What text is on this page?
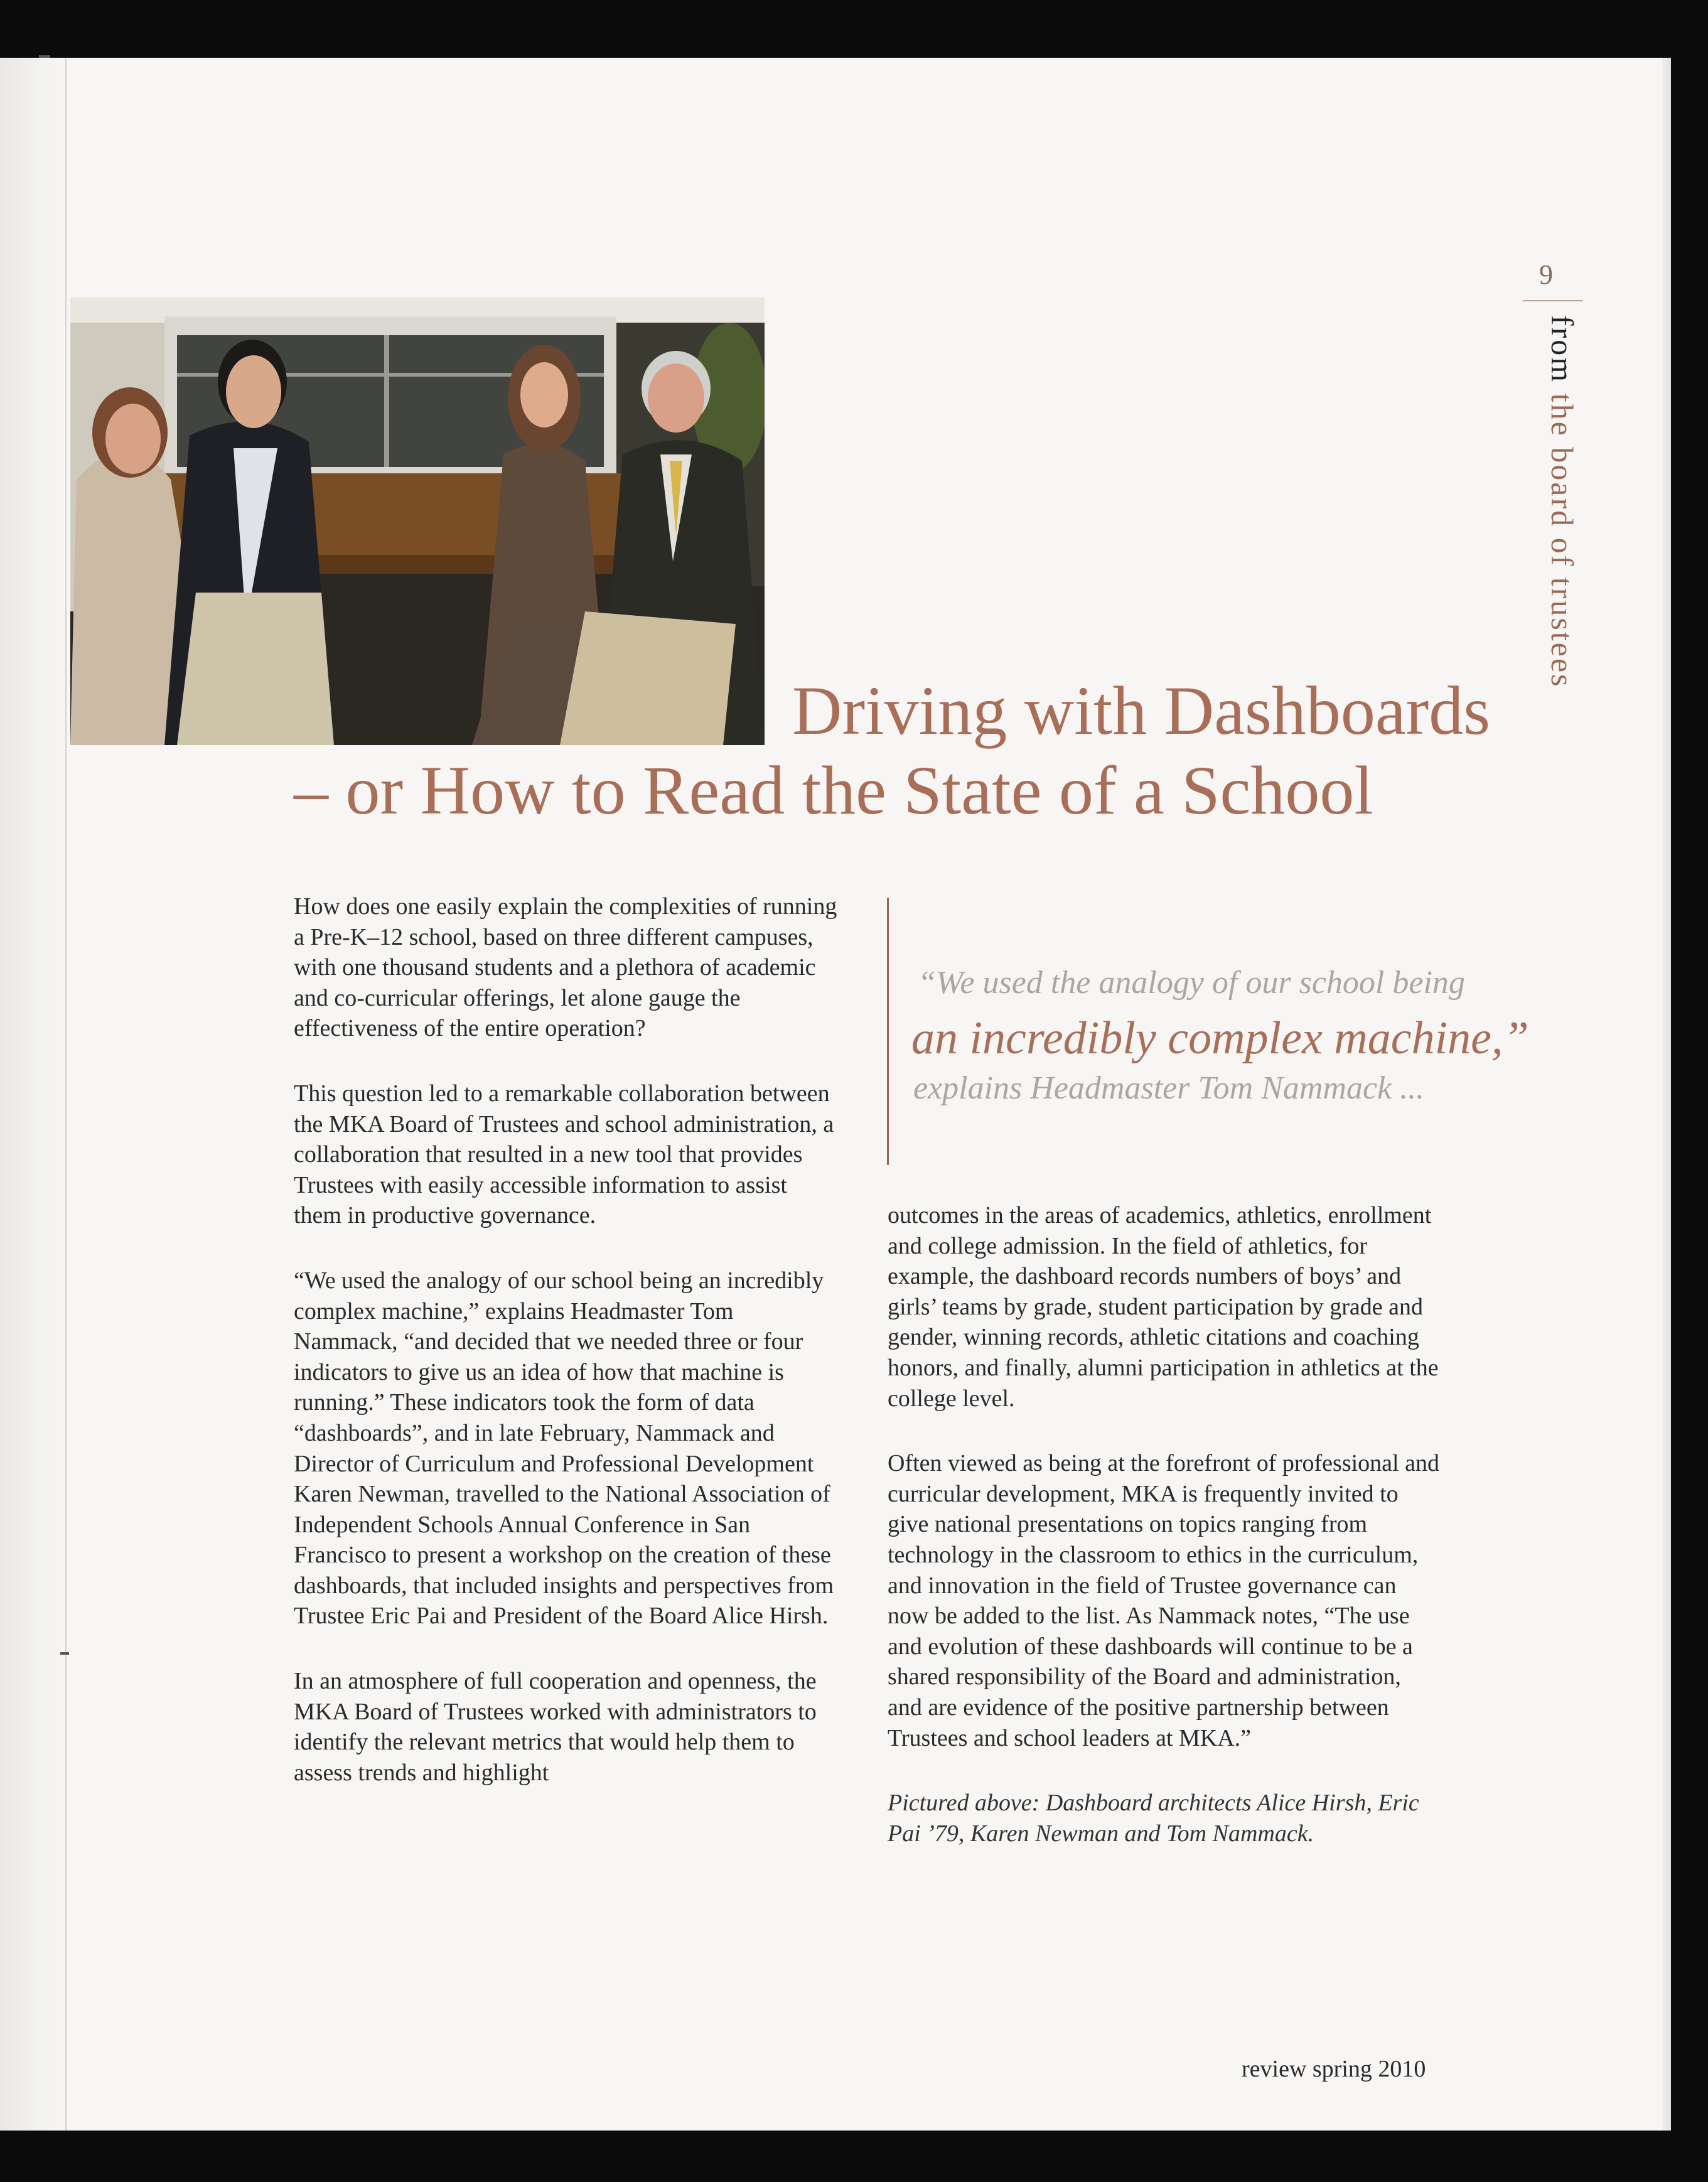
9
from the board of trustees
Driving with Dashboards
– or How to Read the State of a School

How does one easily explain the complexities of running a Pre-K–12 school, based on three different campuses, with one thousand students and a plethora of academic and co-curricular offerings, let alone gauge the effectiveness of the entire operation?

This question led to a remarkable collaboration between the MKA Board of Trustees and school administration, a collaboration that resulted in a new tool that provides Trustees with easily accessible information to assist them in productive governance.

“We used the analogy of our school being an incredibly complex machine,” explains Headmaster Tom Nammack, “and decided that we needed three or four indicators to give us an idea of how that machine is running.” These indicators took the form of data “dashboards”, and in late February, Nammack and Director of Curriculum and Professional Development Karen Newman, travelled to the National Association of Independent Schools Annual Conference in San Francisco to present a workshop on the creation of these dashboards, that included insights and perspectives from Trustee Eric Pai and President of the Board Alice Hirsh.

In an atmosphere of full cooperation and openness, the MKA Board of Trustees worked with administrators to identify the relevant metrics that would help them to assess trends and highlight

“We used the analogy of our school being
an incredibly complex machine,”
explains Headmaster Tom Nammack ...

outcomes in the areas of academics, athletics, enrollment and college admission. In the field of athletics, for example, the dashboard records numbers of boys’ and girls’ teams by grade, student participation by grade and gender, winning records, athletic citations and coaching honors, and finally, alumni participation in athletics at the college level.

Often viewed as being at the forefront of professional and curricular development, MKA is frequently invited to give national presentations on topics ranging from technology in the classroom to ethics in the curriculum, and innovation in the field of Trustee governance can now be added to the list. As Nammack notes, “The use and evolution of these dashboards will continue to be a shared responsibility of the Board and administration, and are evidence of the positive partnership between Trustees and school leaders at MKA.”

Pictured above: Dashboard architects Alice Hirsh, Eric Pai ’79, Karen Newman and Tom Nammack.

review spring 2010
